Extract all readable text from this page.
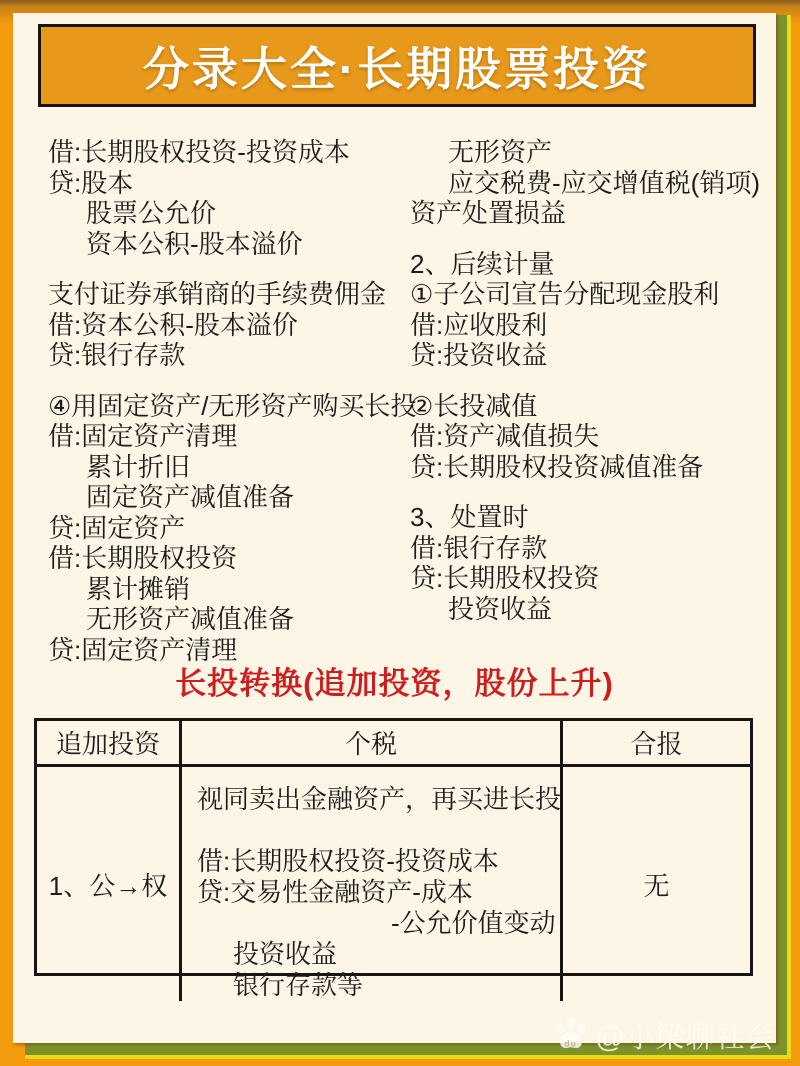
分录大全·长期股票投资
借:长期股权投资-投资成本
贷:股本
股票公允价
资本公积-股本溢价
支付证券承销商的手续费佣金
借:资本公积-股本溢价
贷:银行存款
④用固定资产/无形资产购买长投
借:固定资产清理
累计折旧
固定资产减值准备
贷:固定资产
借:长期股权投资
累计摊销
无形资产减值准备
贷:固定资产清理
无形资产
应交税费-应交增值税(销项)
资产处置损益
2、后续计量
①子公司宣告分配现金股利
借:应收股利
贷:投资收益
②长投减值
借:资产减值损失
贷:长期股权投资减值准备
3、处置时
借:银行存款
贷:长期股权投资
投资收益
长投转换(追加投资，股份上升)
追加投资	个税	合报
1、公→权
视同卖出金融资产，再买进长投
借:长期股权投资-投资成本
贷:交易性金融资产-成本
-公允价值变动
投资收益
银行存款等
无
du @小梁聊社会
